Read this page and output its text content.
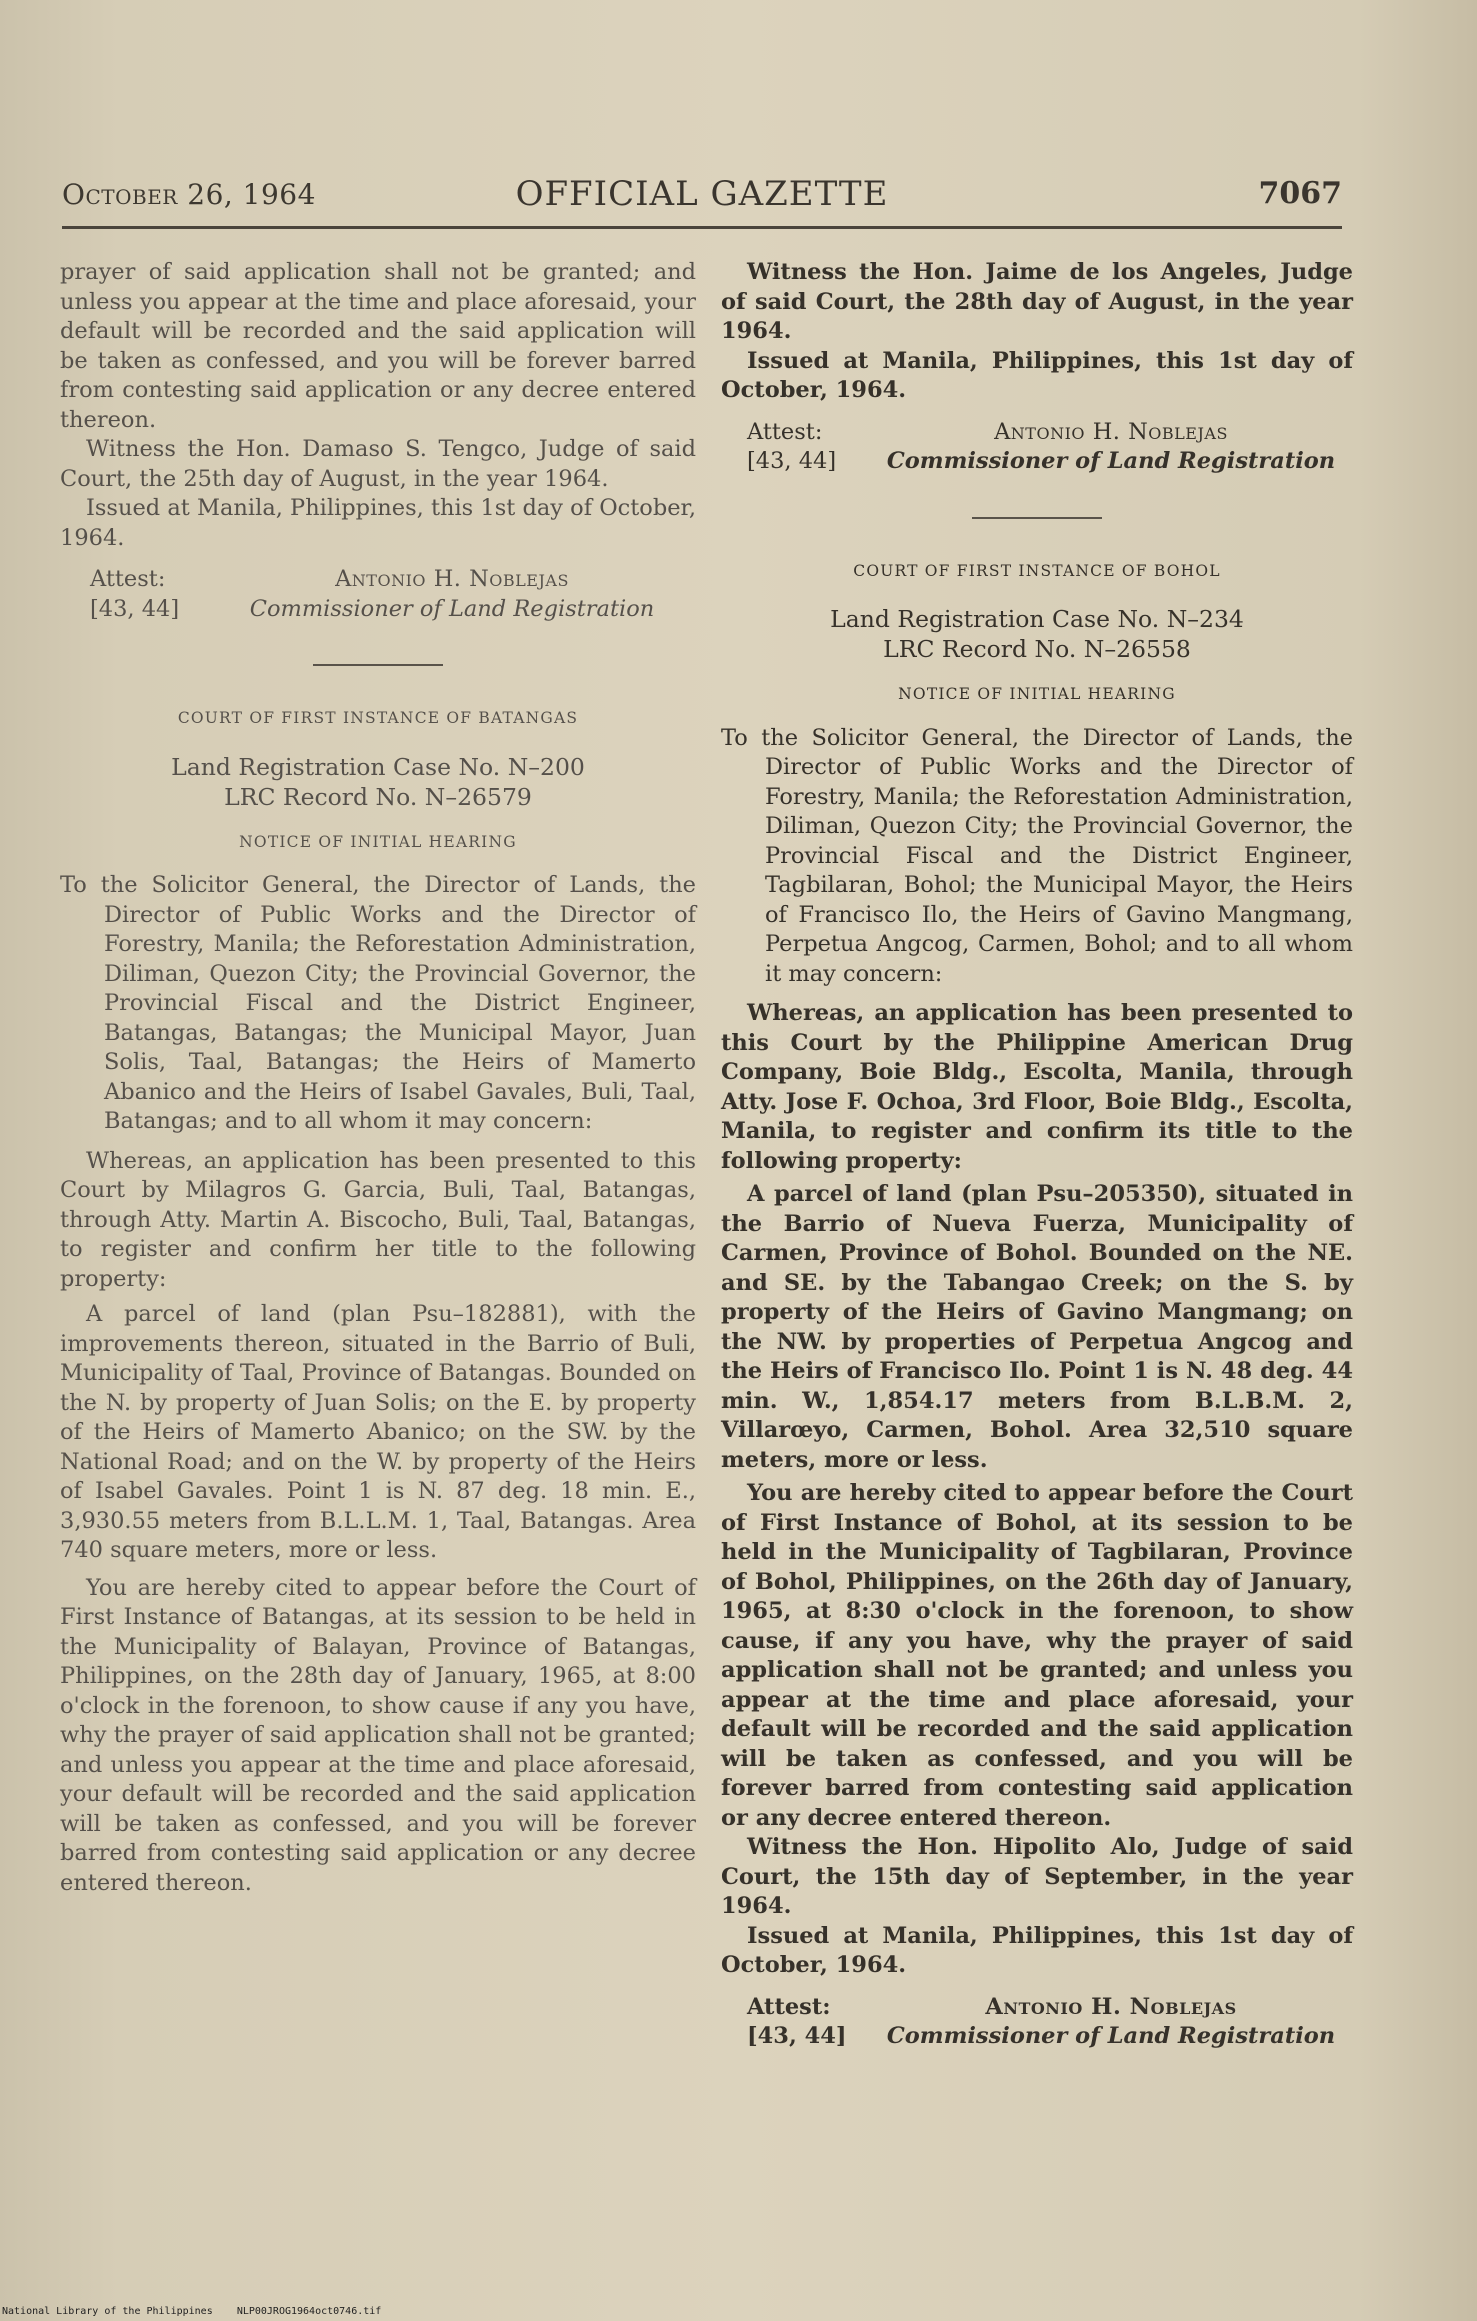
October 26, 1964	OFFICIAL GAZETTE	7067

prayer of said application shall not be granted; and unless you appear at the time and place aforesaid, your default will be recorded and the said application will be taken as confessed, and you will be forever barred from contesting said application or any decree entered thereon.

Witness the Hon. Damaso S. Tengco, Judge of said Court, the 25th day of August, in the year 1964.

Issued at Manila, Philippines, this 1st day of October, 1964.

Attest:	Antonio H. Noblejas
[43, 44]	Commissioner of Land Registration

COURT OF FIRST INSTANCE OF BATANGAS

Land Registration Case No. N–200

LRC Record No. N–26579

NOTICE OF INITIAL HEARING

To the Solicitor General, the Director of Lands, the Director of Public Works and the Director of Forestry, Manila; the Reforestation Administration, Diliman, Quezon City; the Provincial Governor, the Provincial Fiscal and the District Engineer, Batangas, Batangas; the Municipal Mayor, Juan Solis, Taal, Batangas; the Heirs of Mamerto Abanico and the Heirs of Isabel Gavales, Buli, Taal, Batangas; and to all whom it may concern:

Whereas, an application has been presented to this Court by Milagros G. Garcia, Buli, Taal, Batangas, through Atty. Martin A. Biscocho, Buli, Taal, Batangas, to register and confirm her title to the following property:

A parcel of land (plan Psu–182881), with the improvements thereon, situated in the Barrio of Buli, Municipality of Taal, Province of Batangas. Bounded on the N. by property of Juan Solis; on the E. by property of the Heirs of Mamerto Abanico; on the SW. by the National Road; and on the W. by property of the Heirs of Isabel Gavales. Point 1 is N. 87 deg. 18 min. E., 3,930.55 meters from B.L.L.M. 1, Taal, Batangas. Area 740 square meters, more or less.

You are hereby cited to appear before the Court of First Instance of Batangas, at its session to be held in the Municipality of Balayan, Province of Batangas, Philippines, on the 28th day of January, 1965, at 8:00 o'clock in the forenoon, to show cause if any you have, why the prayer of said application shall not be granted; and unless you appear at the time and place aforesaid, your default will be recorded and the said application will be taken as confessed, and you will be forever barred from contesting said application or any decree entered thereon.

Witness the Hon. Jaime de los Angeles, Judge of said Court, the 28th day of August, in the year 1964.

Issued at Manila, Philippines, this 1st day of October, 1964.

Attest:	Antonio H. Noblejas
[43, 44]	Commissioner of Land Registration

COURT OF FIRST INSTANCE OF BOHOL

Land Registration Case No. N–234

LRC Record No. N–26558

NOTICE OF INITIAL HEARING

To the Solicitor General, the Director of Lands, the Director of Public Works and the Director of Forestry, Manila; the Reforestation Administration, Diliman, Quezon City; the Provincial Governor, the Provincial Fiscal and the District Engineer, Tagbilaran, Bohol; the Municipal Mayor, the Heirs of Francisco Ilo, the Heirs of Gavino Mangmang, Perpetua Angcog, Carmen, Bohol; and to all whom it may concern:

Whereas, an application has been presented to this Court by the Philippine American Drug Company, Boie Bldg., Escolta, Manila, through Atty. Jose F. Ochoa, 3rd Floor, Boie Bldg., Escolta, Manila, to register and confirm its title to the following property:

A parcel of land (plan Psu–205350), situated in the Barrio of Nueva Fuerza, Municipality of Carmen, Province of Bohol. Bounded on the NE. and SE. by the Tabangao Creek; on the S. by property of the Heirs of Gavino Mangmang; on the NW. by properties of Perpetua Angcog and the Heirs of Francisco Ilo. Point 1 is N. 48 deg. 44 min. W., 1,854.17 meters from B.L.B.M. 2, Villarœyo, Carmen, Bohol. Area 32,510 square meters, more or less.

You are hereby cited to appear before the Court of First Instance of Bohol, at its session to be held in the Municipality of Tagbilaran, Province of Bohol, Philippines, on the 26th day of January, 1965, at 8:30 o'clock in the forenoon, to show cause, if any you have, why the prayer of said application shall not be granted; and unless you appear at the time and place aforesaid, your default will be recorded and the said application will be taken as confessed, and you will be forever barred from contesting said application or any decree entered thereon.

Witness the Hon. Hipolito Alo, Judge of said Court, the 15th day of September, in the year 1964.

Issued at Manila, Philippines, this 1st day of October, 1964.

Attest:	Antonio H. Noblejas
[43, 44]	Commissioner of Land Registration
National Library of the Philippines NLP00JROG1964oct0746.tif
